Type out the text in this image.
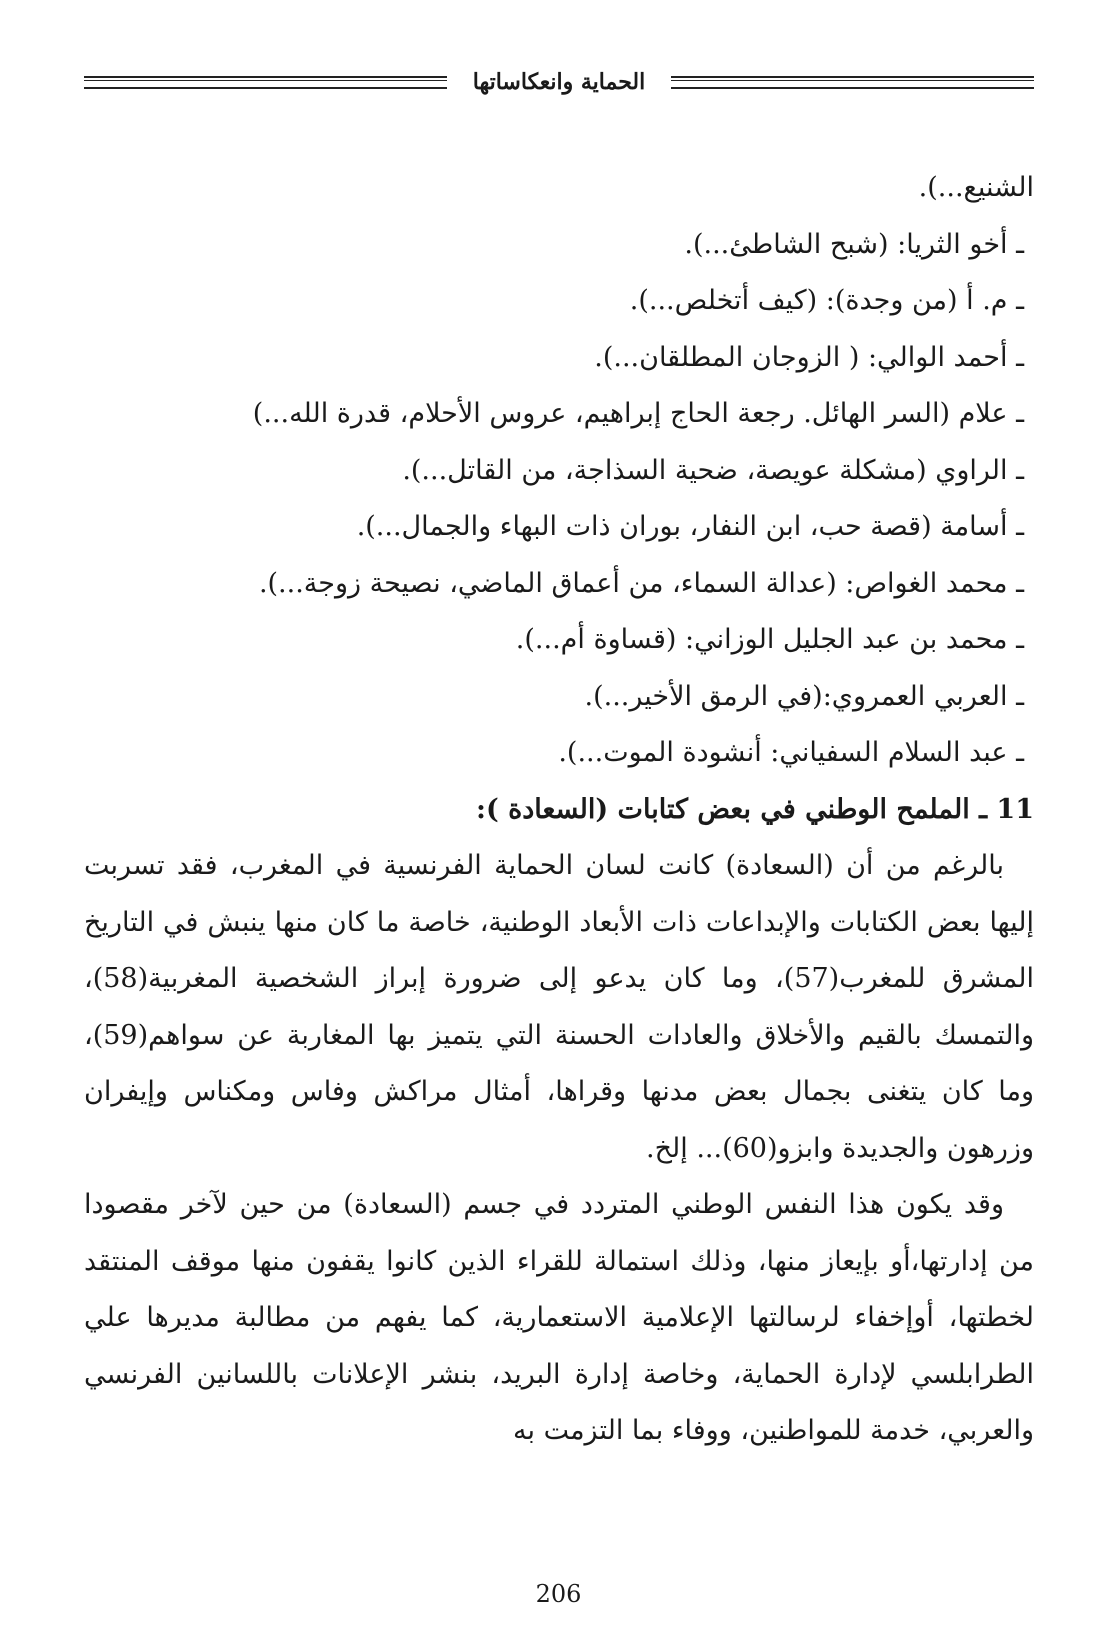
الحماية وانعكاساتها

الشنيع...).

ـ أخو الثريا: (شبح الشاطئ...).

ـ م. أ (من وجدة): (كيف أتخلص...).

ـ أحمد الوالي: ( الزوجان المطلقان...).

ـ علام (السر الهائل. رجعة الحاج إبراهيم، عروس الأحلام، قدرة الله...)

ـ الراوي (مشكلة عويصة، ضحية السذاجة، من القاتل...).

ـ أسامة (قصة حب، ابن النفار، بوران ذات البهاء والجمال...).

ـ محمد الغواص: (عدالة السماء، من أعماق الماضي، نصيحة زوجة...).

ـ محمد بن عبد الجليل الوزاني: (قساوة أم...).

ـ العربي العمروي:(في الرمق الأخير...).

ـ عبد السلام السفياني: أنشودة الموت...).

11 ـ الملمح الوطني في بعض كتابات (السعادة ):

بالرغم من أن (السعادة) كانت لسان الحماية الفرنسية في المغرب، فقد تسربت إليها بعض الكتابات والإبداعات ذات الأبعاد الوطنية، خاصة ما كان منها ينبش في التاريخ المشرق للمغرب(57)، وما كان يدعو إلى ضرورة إبراز الشخصية المغربية(58)، والتمسك بالقيم والأخلاق والعادات الحسنة التي يتميز بها المغاربة عن سواهم(59)، وما كان يتغنى بجمال بعض مدنها وقراها، أمثال مراكش وفاس ومكناس وإيفران وزرهون والجديدة وابزو(60)... إلخ.

وقد يكون هذا النفس الوطني المتردد في جسم (السعادة) من حين لآخر مقصودا من إدارتها،أو بإيعاز منها، وذلك استمالة للقراء الذين كانوا يقفون منها موقف المنتقد لخطتها، أوإخفاء لرسالتها الإعلامية الاستعمارية، كما يفهم من مطالبة مديرها علي الطرابلسي لإدارة الحماية، وخاصة إدارة البريد، بنشر الإعلانات باللسانين الفرنسي والعربي، خدمة للمواطنين، ووفاء بما التزمت به

206
